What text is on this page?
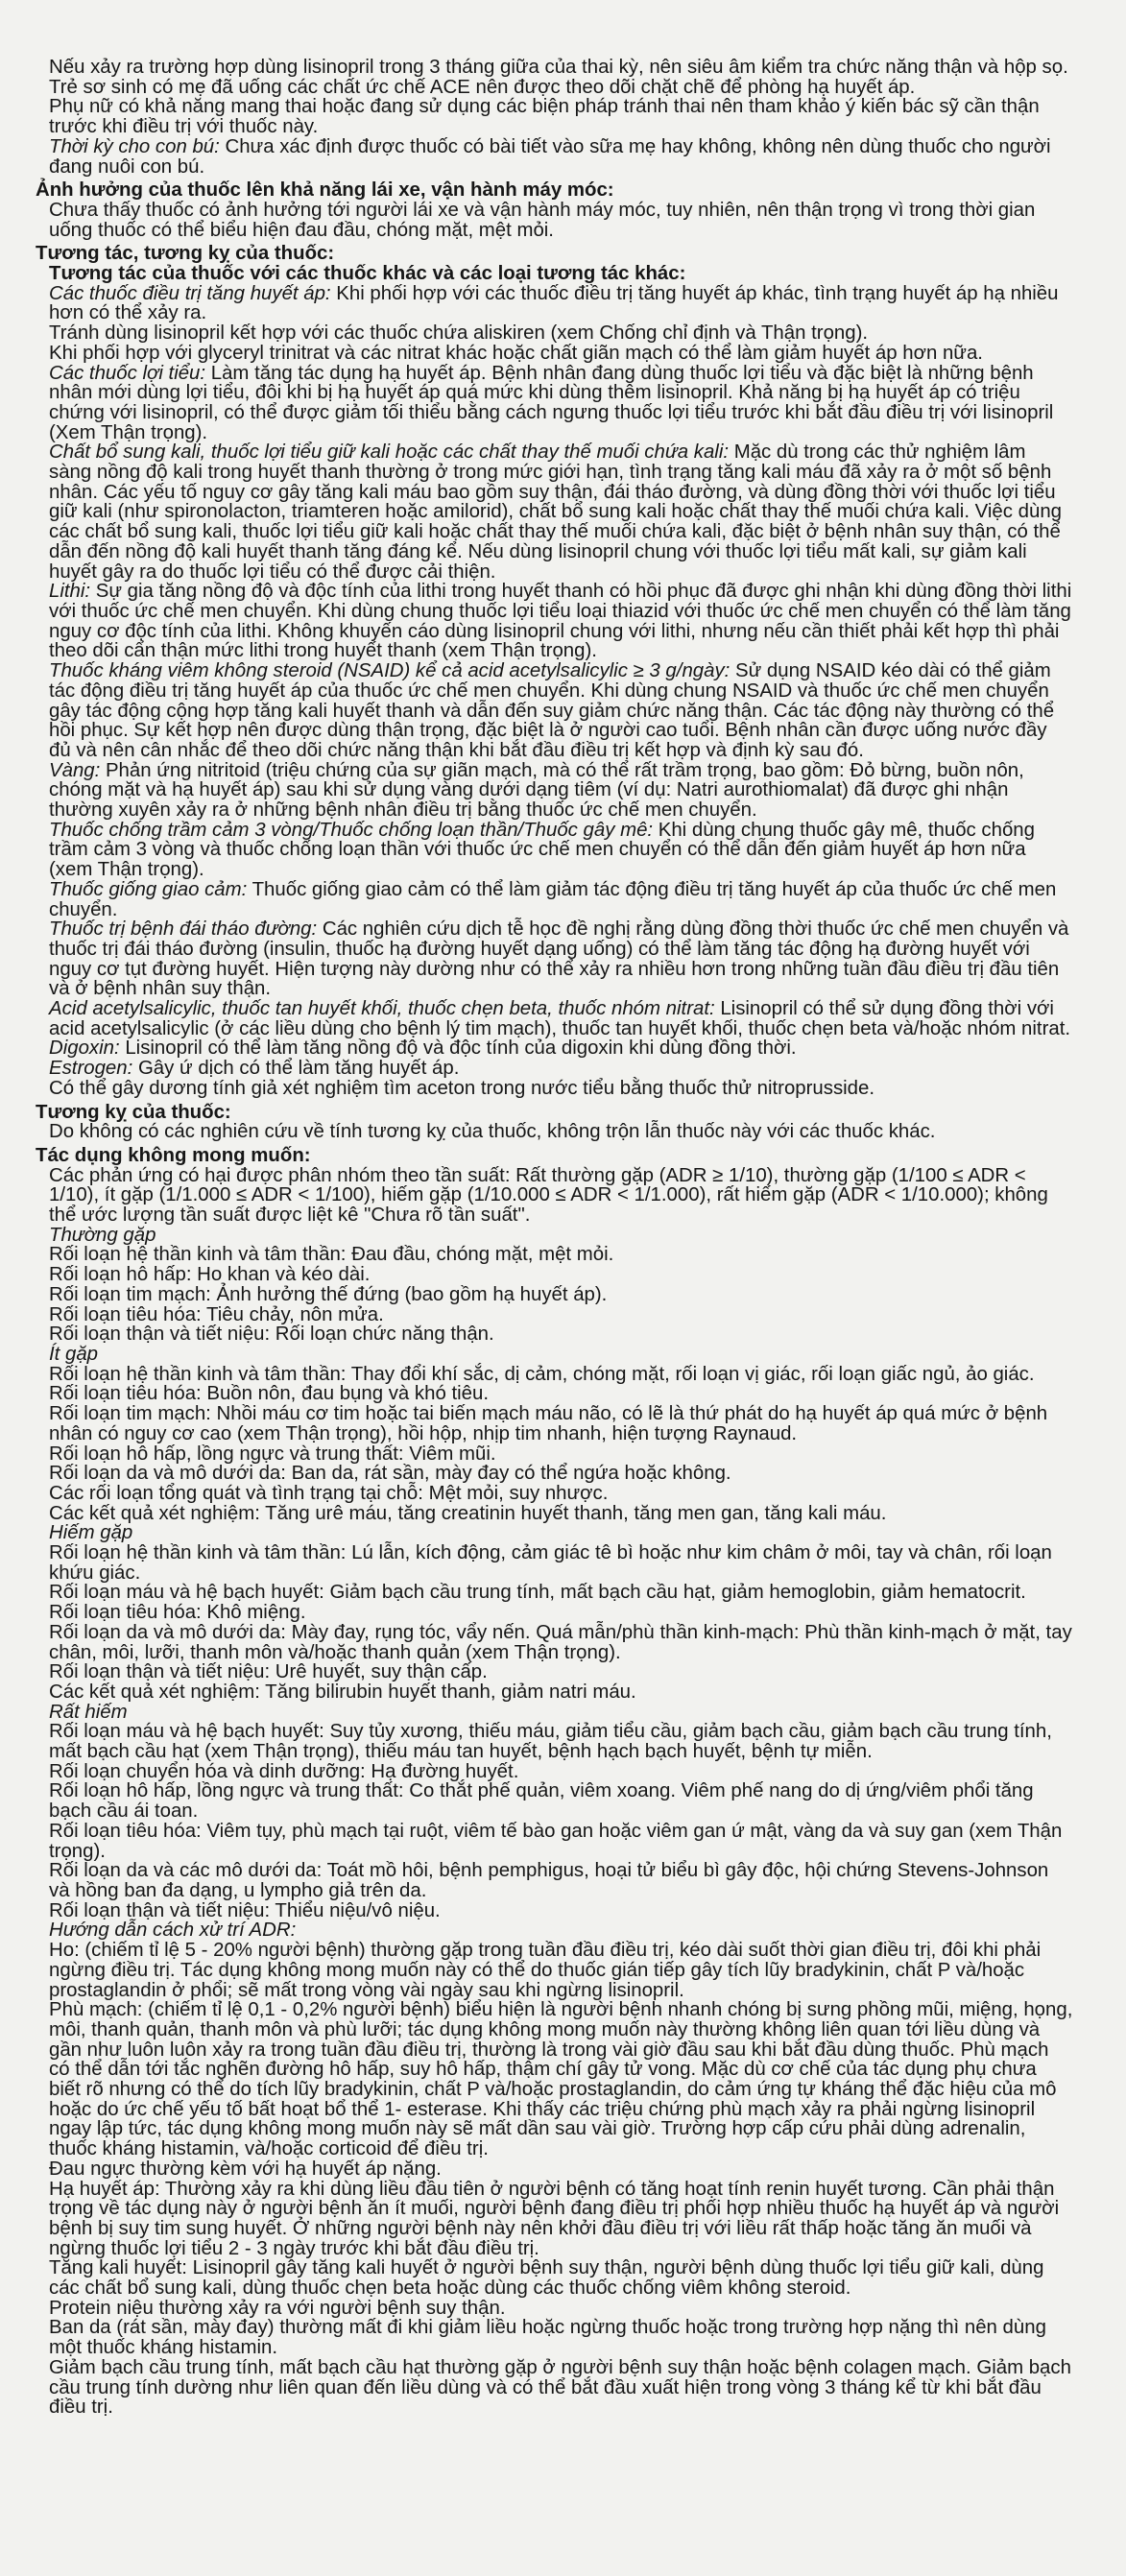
Nếu xảy ra trường hợp dùng lisinopril trong 3 tháng giữa của thai kỳ, nên siêu âm kiểm tra chức năng thận và hộp sọ. Trẻ sơ sinh có mẹ đã uống các chất ức chế ACE nên được theo dõi chặt chẽ để phòng hạ huyết áp.

Phụ nữ có khả năng mang thai hoặc đang sử dụng các biện pháp tránh thai nên tham khảo ý kiến bác sỹ cần thận trước khi điều trị với thuốc này.

Thời kỳ cho con bú: Chưa xác định được thuốc có bài tiết vào sữa mẹ hay không, không nên dùng thuốc cho người đang nuôi con bú.

Ảnh hưởng của thuốc lên khả năng lái xe, vận hành máy móc:

Chưa thấy thuốc có ảnh hưởng tới người lái xe và vận hành máy móc, tuy nhiên, nên thận trọng vì trong thời gian uống thuốc có thể biểu hiện đau đầu, chóng mặt, mệt mỏi.

Tương tác, tương kỵ của thuốc:

Tương tác của thuốc với các thuốc khác và các loại tương tác khác:

Các thuốc điều trị tăng huyết áp: Khi phối hợp với các thuốc điều trị tăng huyết áp khác, tình trạng huyết áp hạ nhiều hơn có thể xảy ra.

Tránh dùng lisinopril kết hợp với các thuốc chứa aliskiren (xem Chống chỉ định và Thận trọng).

Khi phối hợp với glyceryl trinitrat và các nitrat khác hoặc chất giãn mạch có thể làm giảm huyết áp hơn nữa.

Các thuốc lợi tiểu: Làm tăng tác dụng hạ huyết áp. Bệnh nhân đang dùng thuốc lợi tiểu và đặc biệt là những bệnh nhân mới dùng lợi tiểu, đôi khi bị hạ huyết áp quá mức khi dùng thêm lisinopril. Khả năng bị hạ huyết áp có triệu chứng với lisinopril, có thể được giảm tối thiểu bằng cách ngưng thuốc lợi tiểu trước khi bắt đầu điều trị với lisinopril (Xem Thận trọng).

Chất bổ sung kali, thuốc lợi tiểu giữ kali hoặc các chất thay thế muối chứa kali: Mặc dù trong các thử nghiệm lâm sàng nồng độ kali trong huyết thanh thường ở trong mức giới hạn, tình trạng tăng kali máu đã xảy ra ở một số bệnh nhân. Các yếu tố nguy cơ gây tăng kali máu bao gồm suy thận, đái tháo đường, và dùng đồng thời với thuốc lợi tiểu giữ kali (như spironolacton, triamteren hoặc amilorid), chất bổ sung kali hoặc chất thay thế muối chứa kali. Việc dùng các chất bổ sung kali, thuốc lợi tiểu giữ kali hoặc chất thay thế muối chứa kali, đặc biệt ở bệnh nhân suy thận, có thể dẫn đến nồng độ kali huyết thanh tăng đáng kể. Nếu dùng lisinopril chung với thuốc lợi tiểu mất kali, sự giảm kali huyết gây ra do thuốc lợi tiểu có thể được cải thiện.

Lithi: Sự gia tăng nồng độ và độc tính của lithi trong huyết thanh có hồi phục đã được ghi nhận khi dùng đồng thời lithi với thuốc ức chế men chuyển. Khi dùng chung thuốc lợi tiểu loại thiazid với thuốc ức chế men chuyển có thể làm tăng nguy cơ độc tính của lithi. Không khuyến cáo dùng lisinopril chung với lithi, nhưng nếu cần thiết phải kết hợp thì phải theo dõi cẩn thận mức lithi trong huyết thanh (xem Thận trọng).

Thuốc kháng viêm không steroid (NSAID) kể cả acid acetylsalicylic ≥ 3 g/ngày: Sử dụng NSAID kéo dài có thể giảm tác động điều trị tăng huyết áp của thuốc ức chế men chuyển. Khi dùng chung NSAID và thuốc ức chế men chuyển gây tác động cộng hợp tăng kali huyết thanh và dẫn đến suy giảm chức năng thận. Các tác động này thường có thể hồi phục. Sự kết hợp nên được dùng thận trọng, đặc biệt là ở người cao tuổi. Bệnh nhân cần được uống nước đầy đủ và nên cân nhắc để theo dõi chức năng thận khi bắt đầu điều trị kết hợp và định kỳ sau đó.

Vàng: Phản ứng nitritoid (triệu chứng của sự giãn mạch, mà có thể rất trầm trọng, bao gồm: Đỏ bừng, buồn nôn, chóng mặt và hạ huyết áp) sau khi sử dụng vàng dưới dạng tiêm (ví dụ: Natri aurothiomalat) đã được ghi nhận thường xuyên xảy ra ở những bệnh nhân điều trị bằng thuốc ức chế men chuyển.

Thuốc chống trầm cảm 3 vòng/Thuốc chống loạn thần/Thuốc gây mê: Khi dùng chung thuốc gây mê, thuốc chống trầm cảm 3 vòng và thuốc chống loạn thần với thuốc ức chế men chuyển có thể dẫn đến giảm huyết áp hơn nữa (xem Thận trọng).

Thuốc giống giao cảm: Thuốc giống giao cảm có thể làm giảm tác động điều trị tăng huyết áp của thuốc ức chế men chuyển.

Thuốc trị bệnh đái tháo đường: Các nghiên cứu dịch tễ học đề nghị rằng dùng đồng thời thuốc ức chế men chuyển và thuốc trị đái tháo đường (insulin, thuốc hạ đường huyết dạng uống) có thể làm tăng tác động hạ đường huyết với nguy cơ tụt đường huyết. Hiện tượng này dường như có thể xảy ra nhiều hơn trong những tuần đầu điều trị đầu tiên và ở bệnh nhân suy thận.

Acid acetylsalicylic, thuốc tan huyết khối, thuốc chẹn beta, thuốc nhóm nitrat: Lisinopril có thể sử dụng đồng thời với acid acetylsalicylic (ở các liều dùng cho bệnh lý tim mạch), thuốc tan huyết khối, thuốc chẹn beta và/hoặc nhóm nitrat.

Digoxin: Lisinopril có thể làm tăng nồng độ và độc tính của digoxin khi dùng đồng thời.

Estrogen: Gây ứ dịch có thể làm tăng huyết áp.

Có thể gây dương tính giả xét nghiệm tìm aceton trong nước tiểu bằng thuốc thử nitroprusside.

Tương kỵ của thuốc:

Do không có các nghiên cứu về tính tương kỵ của thuốc, không trộn lẫn thuốc này với các thuốc khác.

Tác dụng không mong muốn:

Các phản ứng có hại được phân nhóm theo tần suất: Rất thường gặp (ADR ≥ 1/10), thường gặp (1/100 ≤ ADR < 1/10), ít gặp (1/1.000 ≤ ADR < 1/100), hiếm gặp (1/10.000 ≤ ADR < 1/1.000), rất hiếm gặp (ADR < 1/10.000); không thể ước lượng tần suất được liệt kê "Chưa rõ tần suất".

Thường gặp

Rối loạn hệ thần kinh và tâm thần: Đau đầu, chóng mặt, mệt mỏi.

Rối loạn hô hấp: Ho khan và kéo dài.

Rối loạn tim mạch: Ảnh hưởng thế đứng (bao gồm hạ huyết áp).

Rối loạn tiêu hóa: Tiêu chảy, nôn mửa.

Rối loạn thận và tiết niệu: Rối loạn chức năng thận.

Ít gặp

Rối loạn hệ thần kinh và tâm thần: Thay đổi khí sắc, dị cảm, chóng mặt, rối loạn vị giác, rối loạn giấc ngủ, ảo giác.

Rối loạn tiêu hóa: Buồn nôn, đau bụng và khó tiêu.

Rối loạn tim mạch: Nhồi máu cơ tim hoặc tai biến mạch máu não, có lẽ là thứ phát do hạ huyết áp quá mức ở bệnh nhân có nguy cơ cao (xem Thận trọng), hồi hộp, nhịp tim nhanh, hiện tượng Raynaud.

Rối loạn hô hấp, lồng ngực và trung thất: Viêm mũi.

Rối loạn da và mô dưới da: Ban da, rát sần, mày đay có thể ngứa hoặc không.

Các rối loạn tổng quát và tình trạng tại chỗ: Mệt mỏi, suy nhược.

Các kết quả xét nghiệm: Tăng urê máu, tăng creatinin huyết thanh, tăng men gan, tăng kali máu.

Hiếm gặp

Rối loạn hệ thần kinh và tâm thần: Lú lẫn, kích động, cảm giác tê bì hoặc như kim châm ở môi, tay và chân, rối loạn khứu giác.

Rối loạn máu và hệ bạch huyết: Giảm bạch cầu trung tính, mất bạch cầu hạt, giảm hemoglobin, giảm hematocrit.

Rối loạn tiêu hóa: Khô miệng.

Rối loạn da và mô dưới da: Mày đay, rụng tóc, vẩy nến. Quá mẫn/phù thần kinh-mạch: Phù thần kinh-mạch ở mặt, tay chân, môi, lưỡi, thanh môn và/hoặc thanh quản (xem Thận trọng).

Rối loạn thận và tiết niệu: Urê huyết, suy thận cấp.

Các kết quả xét nghiệm: Tăng bilirubin huyết thanh, giảm natri máu.

Rất hiếm

Rối loạn máu và hệ bạch huyết: Suy tủy xương, thiếu máu, giảm tiểu cầu, giảm bạch cầu, giảm bạch cầu trung tính, mất bạch cầu hạt (xem Thận trọng), thiếu máu tan huyết, bệnh hạch bạch huyết, bệnh tự miễn.

Rối loạn chuyển hóa và dinh dưỡng: Hạ đường huyết.

Rối loạn hô hấp, lồng ngực và trung thất: Co thắt phế quản, viêm xoang. Viêm phế nang do dị ứng/viêm phổi tăng bạch cầu ái toan.

Rối loạn tiêu hóa: Viêm tụy, phù mạch tại ruột, viêm tế bào gan hoặc viêm gan ứ mật, vàng da và suy gan (xem Thận trọng).

Rối loạn da và các mô dưới da: Toát mồ hôi, bệnh pemphigus, hoại tử biểu bì gây độc, hội chứng Stevens-Johnson và hồng ban đa dạng, u lympho giả trên da.

Rối loạn thận và tiết niệu: Thiểu niệu/vô niệu.

Hướng dẫn cách xử trí ADR:

Ho: (chiếm tỉ lệ 5 - 20% người bệnh) thường gặp trong tuần đầu điều trị, kéo dài suốt thời gian điều trị, đôi khi phải ngừng điều trị. Tác dụng không mong muốn này có thể do thuốc gián tiếp gây tích lũy bradykinin, chất P và/hoặc prostaglandin ở phổi; sẽ mất trong vòng vài ngày sau khi ngừng lisinopril.

Phù mạch: (chiếm tỉ lệ 0,1 - 0,2% người bệnh) biểu hiện là người bệnh nhanh chóng bị sưng phồng mũi, miệng, họng, môi, thanh quản, thanh môn và phù lưỡi; tác dụng không mong muốn này thường không liên quan tới liều dùng và gần như luôn luôn xảy ra trong tuần đầu điều trị, thường là trong vài giờ đầu sau khi bắt đầu dùng thuốc. Phù mạch có thể dẫn tới tắc nghẽn đường hô hấp, suy hô hấp, thậm chí gây tử vong. Mặc dù cơ chế của tác dụng phụ chưa biết rõ nhưng có thể do tích lũy bradykinin, chất P và/hoặc prostaglandin, do cảm ứng tự kháng thể đặc hiệu của mô hoặc do ức chế yếu tố bất hoạt bổ thể 1- esterase. Khi thấy các triệu chứng phù mạch xảy ra phải ngừng lisinopril ngay lập tức, tác dụng không mong muốn này sẽ mất dần sau vài giờ. Trường hợp cấp cứu phải dùng adrenalin, thuốc kháng histamin, và/hoặc corticoid để điều trị.

Đau ngực thường kèm với hạ huyết áp nặng.

Hạ huyết áp: Thường xảy ra khi dùng liều đầu tiên ở người bệnh có tăng hoạt tính renin huyết tương. Cần phải thận trọng về tác dụng này ở người bệnh ăn ít muối, người bệnh đang điều trị phối hợp nhiều thuốc hạ huyết áp và người bệnh bị suy tim sung huyết. Ở những người bệnh này nên khởi đầu điều trị với liều rất thấp hoặc tăng ăn muối và ngừng thuốc lợi tiểu 2 - 3 ngày trước khi bắt đầu điều trị.

Tăng kali huyết: Lisinopril gây tăng kali huyết ở người bệnh suy thận, người bệnh dùng thuốc lợi tiểu giữ kali, dùng các chất bổ sung kali, dùng thuốc chẹn beta hoặc dùng các thuốc chống viêm không steroid.

Protein niệu thường xảy ra với người bệnh suy thận.

Ban da (rát sần, mày đay) thường mất đi khi giảm liều hoặc ngừng thuốc hoặc trong trường hợp nặng thì nên dùng một thuốc kháng histamin.

Giảm bạch cầu trung tính, mất bạch cầu hạt thường gặp ở người bệnh suy thận hoặc bệnh colagen mạch. Giảm bạch cầu trung tính dường như liên quan đến liều dùng và có thể bắt đầu xuất hiện trong vòng 3 tháng kể từ khi bắt đầu điều trị.
